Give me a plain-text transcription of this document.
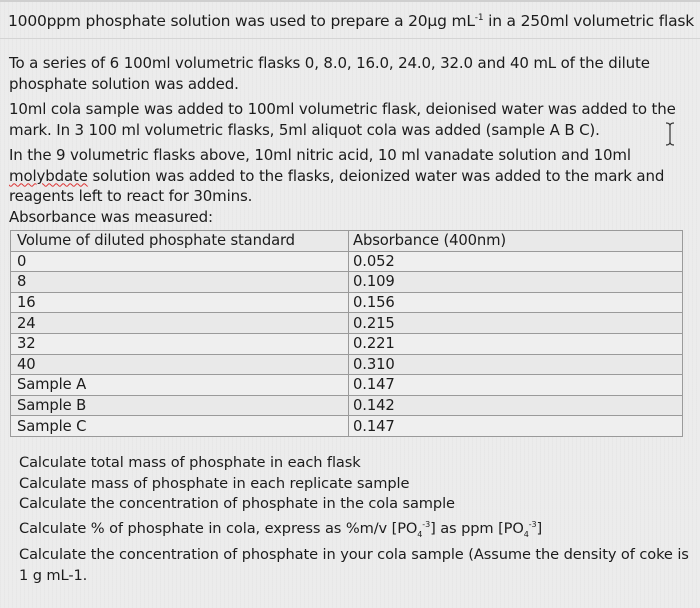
1000ppm phosphate solution was used to prepare a 20μg $mL^{-1}$ in a 250ml volumetric flask
To a series of 6 100ml volumetric flasks 0, 8.0, 16.0, 24.0, 32.0 and 40 mL of the dilute phosphate solution was added.
10ml cola sample was added to 100ml volumetric flask, deionised water was added to the mark. In 3 100 ml volumetric flasks, 5ml aliquot cola was added (sample A B C).
In the 9 volumetric flasks above, 10ml nitric acid, 10 ml vanadate solution and 10ml
molybdate solution was added to the flasks, deionized water was added to the mark and reagents left to react for 30mins.
Absorbance was measured:
Volume of diluted phosphate standard	Absorbance (400nm)
0	0.052
8	0.109
16	0.156
24	0.215
32	0.221
40	0.310
Sample A	0.147
Sample B	0.142
Sample C	0.147
Calculate total mass of phosphate in each flask
Calculate mass of phosphate in each replicate sample
Calculate the concentration of phosphate in the cola sample
Calculate % of phosphate in cola, express as %m/v $[PO_4^{-3}]$ as ppm $[PO_4^{-3}]$
Calculate the concentration of phosphate in your cola sample (Assume the density of coke is
1 g mL-1.
